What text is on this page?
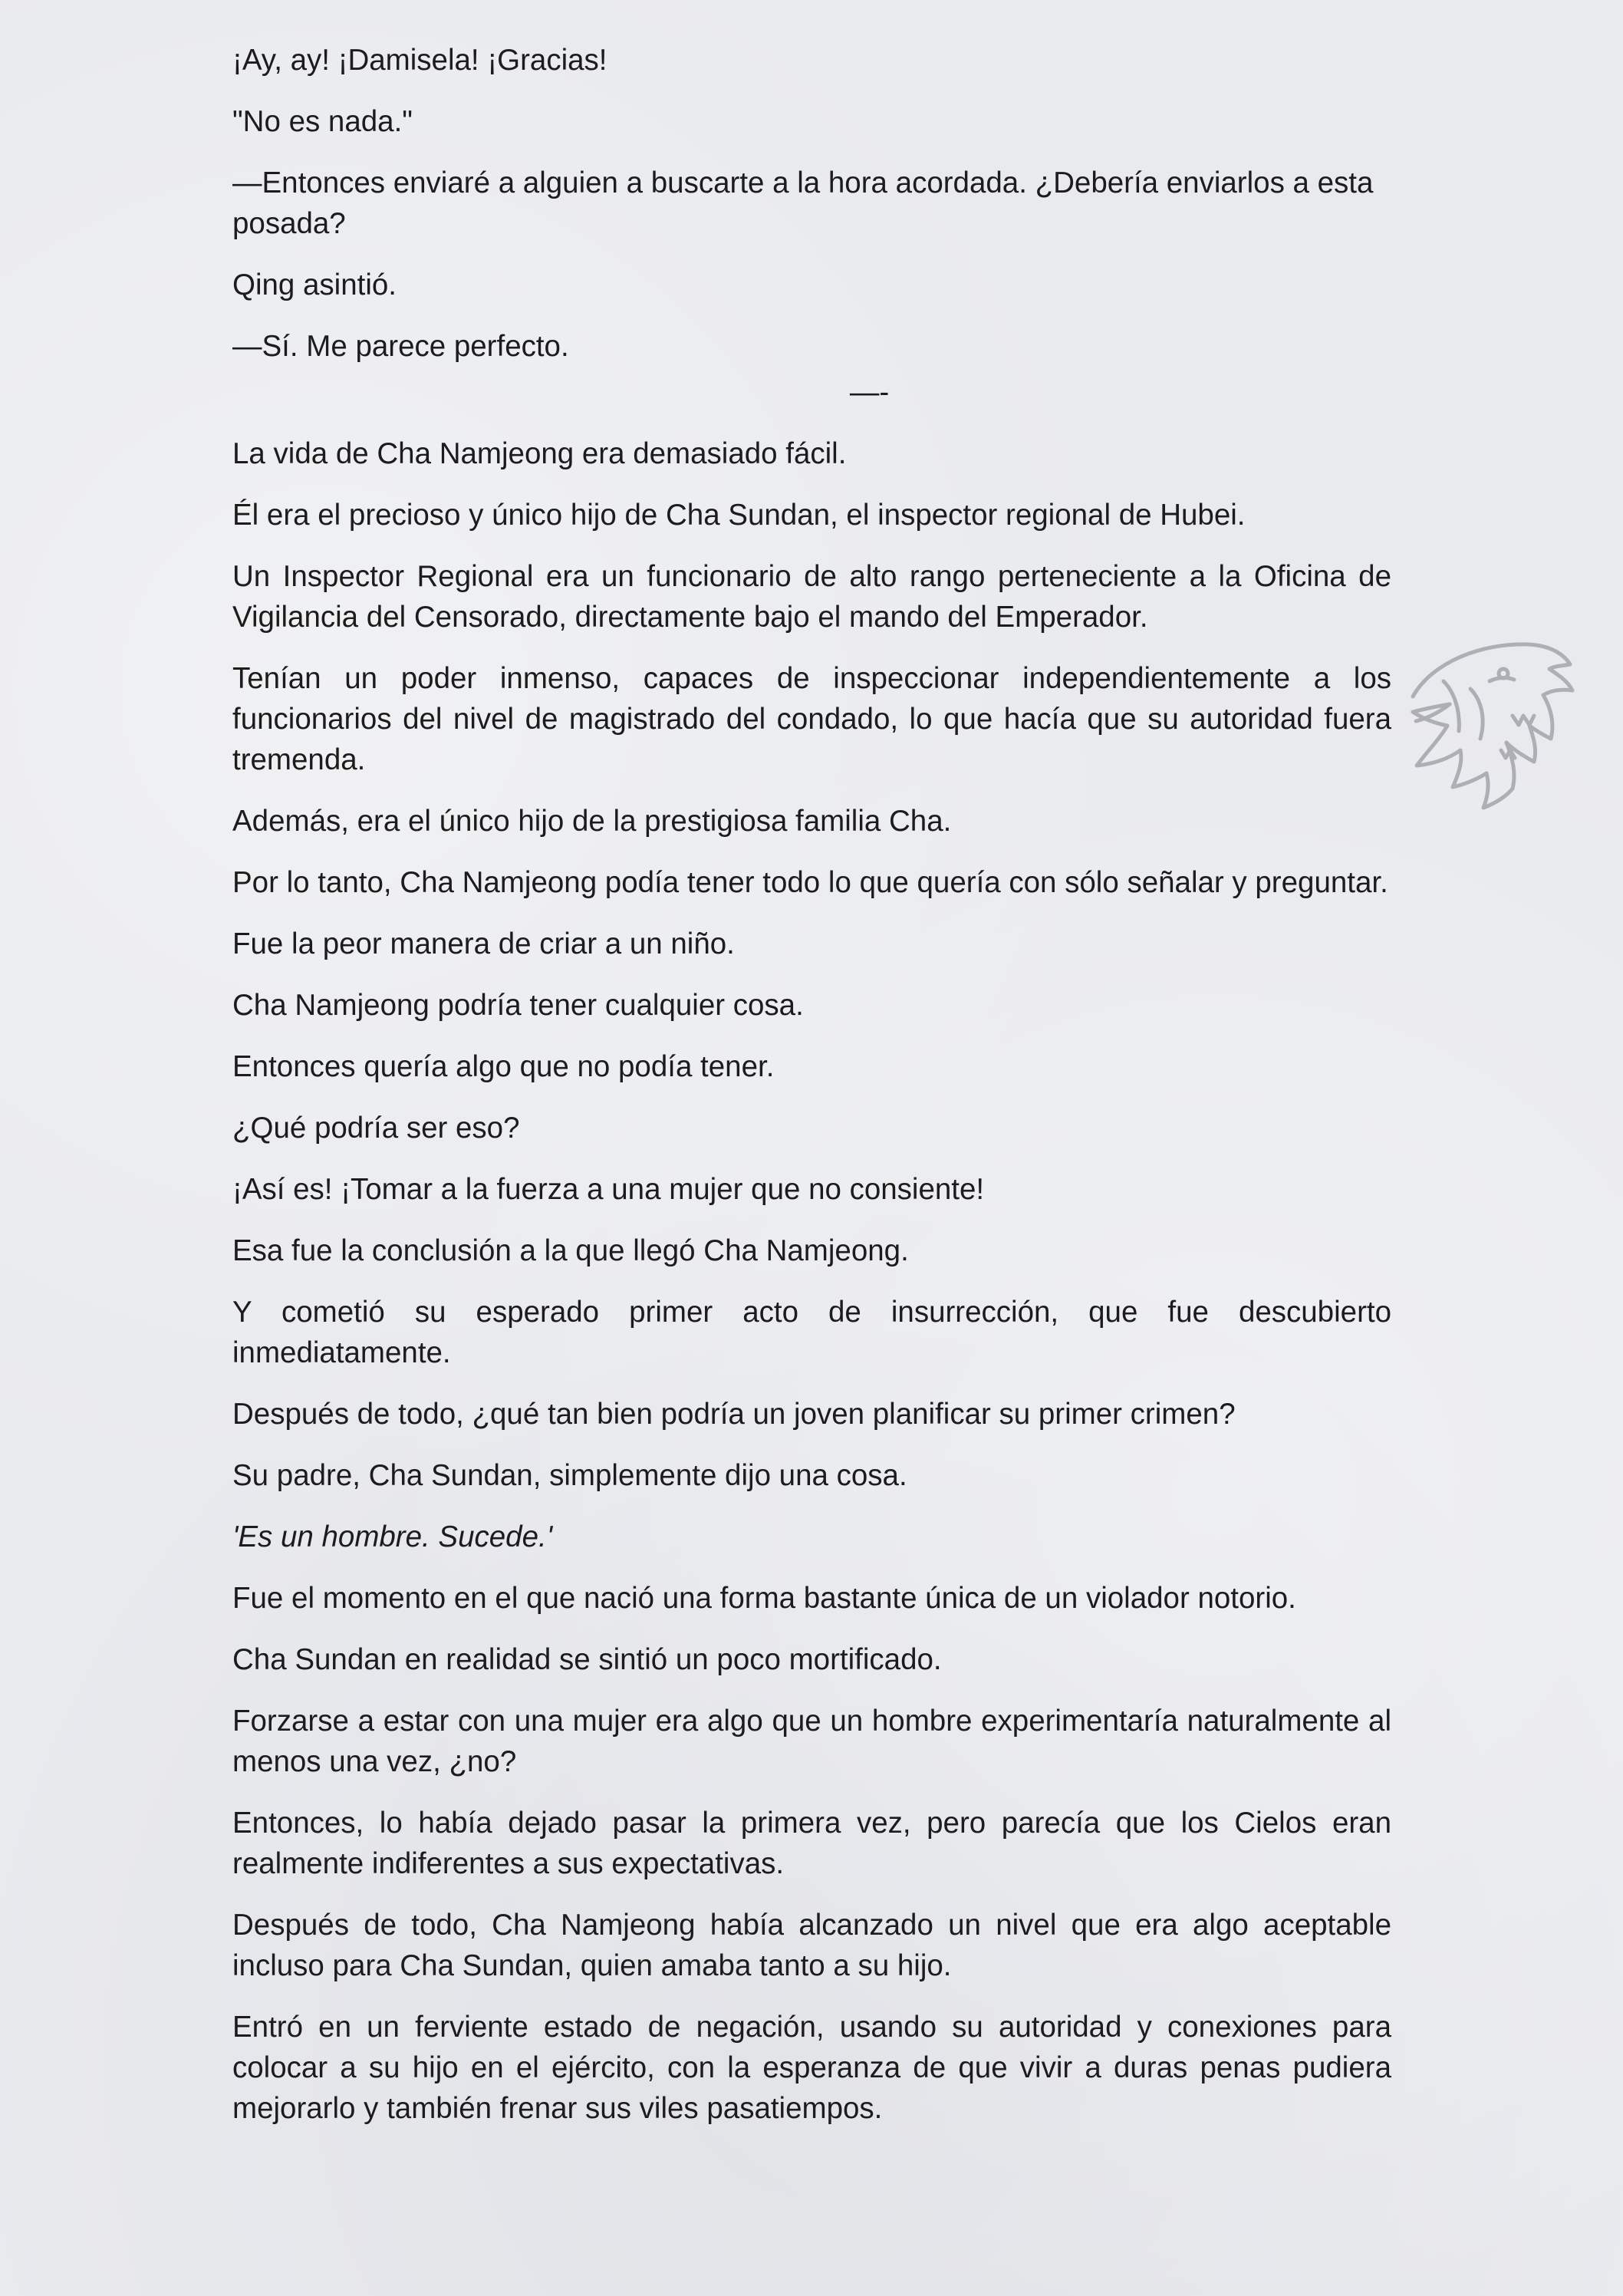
¡Ay, ay! ¡Damisela! ¡Gracias!

"No es nada."

—Entonces enviaré a alguien a buscarte a la hora acordada. ¿Debería enviarlos a esta posada?

Qing asintió.

—Sí. Me parece perfecto.

—-

La vida de Cha Namjeong era demasiado fácil.

Él era el precioso y único hijo de Cha Sundan, el inspector regional de Hubei.

Un Inspector Regional era un funcionario de alto rango perteneciente a la Oficina de Vigilancia del Censorado, directamente bajo el mando del Emperador.

Tenían un poder inmenso, capaces de inspeccionar independientemente a los funcionarios del nivel de magistrado del condado, lo que hacía que su autoridad fuera tremenda.

Además, era el único hijo de la prestigiosa familia Cha.

Por lo tanto, Cha Namjeong podía tener todo lo que quería con sólo señalar y preguntar.

Fue la peor manera de criar a un niño.

Cha Namjeong podría tener cualquier cosa.

Entonces quería algo que no podía tener.

¿Qué podría ser eso?

¡Así es! ¡Tomar a la fuerza a una mujer que no consiente!

Esa fue la conclusión a la que llegó Cha Namjeong.

Y cometió su esperado primer acto de insurrección, que fue descubierto inmediatamente.

Después de todo, ¿qué tan bien podría un joven planificar su primer crimen?

Su padre, Cha Sundan, simplemente dijo una cosa.

'Es un hombre. Sucede.'

Fue el momento en el que nació una forma bastante única de un violador notorio.

Cha Sundan en realidad se sintió un poco mortificado.

Forzarse a estar con una mujer era algo que un hombre experimentaría naturalmente al menos una vez, ¿no?

Entonces, lo había dejado pasar la primera vez, pero parecía que los Cielos eran realmente indiferentes a sus expectativas.

Después de todo, Cha Namjeong había alcanzado un nivel que era algo aceptable incluso para Cha Sundan, quien amaba tanto a su hijo.

Entró en un ferviente estado de negación, usando su autoridad y conexiones para colocar a su hijo en el ejército, con la esperanza de que vivir a duras penas pudiera mejorarlo y también frenar sus viles pasatiempos.
